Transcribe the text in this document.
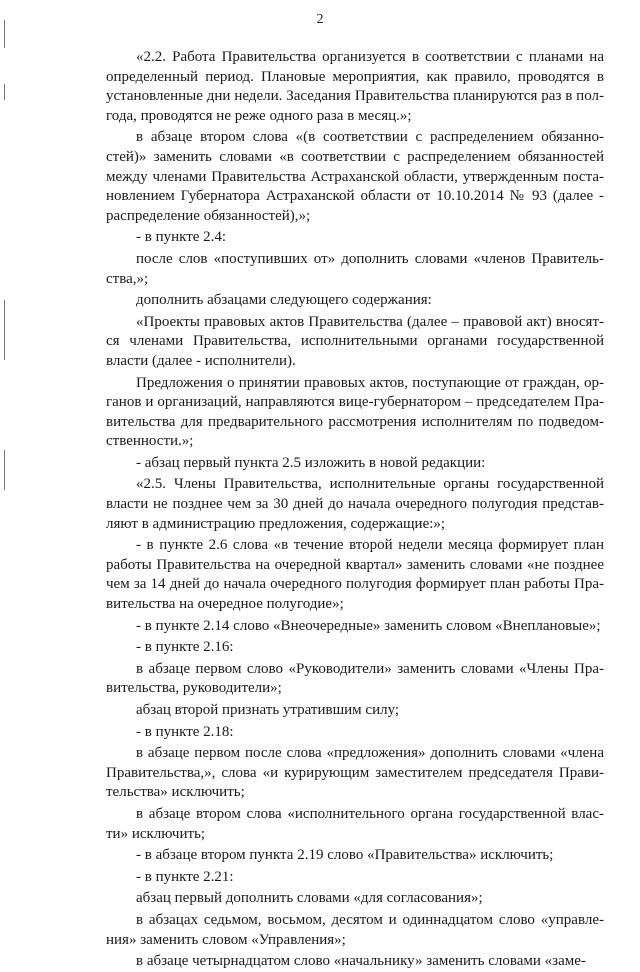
2

«2.2. Работа Правительства организуется в соответствии с планами на определенный период. Плановые мероприятия, как правило, проводятся в установленные дни недели. Заседания Правительства планируются раз в пол-года, проводятся не реже одного раза в месяц.»;

в абзаце втором слова «(в соответствии с распределением обязанно-стей)» заменить словами «в соответствии с распределением обязанностей между членами Правительства Астраханской области, утвержденным поста-новлением Губернатора Астраханской области от 10.10.2014 № 93 (далее - распределение обязанностей),»;

- в пункте 2.4:

после слов «поступивших от» дополнить словами «членов Правитель-ства,»;

дополнить абзацами следующего содержания:

«Проекты правовых актов Правительства (далее – правовой акт) вносят-ся членами Правительства, исполнительными органами государственной власти (далее - исполнители).

Предложения о принятии правовых актов, поступающие от граждан, ор-ганов и организаций, направляются вице-губернатором – председателем Пра-вительства для предварительного рассмотрения исполнителям по подведом-ственности.»;

- абзац первый пункта 2.5 изложить в новой редакции:

«2.5. Члены Правительства, исполнительные органы государственной власти не позднее чем за 30 дней до начала очередного полугодия представ-ляют в администрацию предложения, содержащие:»;

- в пункте 2.6 слова «в течение второй недели месяца формирует план работы Правительства на очередной квартал» заменить словами «не позднее чем за 14 дней до начала очередного полугодия формирует план работы Пра-вительства на очередное полугодие»;

- в пункте 2.14 слово «Внеочередные» заменить словом «Внеплановые»;

- в пункте 2.16:

в абзаце первом слово «Руководители» заменить словами «Члены Пра-вительства, руководители»;

абзац второй признать утратившим силу;

- в пункте 2.18:

в абзаце первом после слова «предложения» дополнить словами «члена Правительства,», слова «и курирующим заместителем председателя Прави-тельства» исключить;

в абзаце втором слова «исполнительного органа государственной влас-ти» исключить;

- в абзаце втором пункта 2.19 слово «Правительства» исключить;

- в пункте 2.21:

абзац первый дополнить словами «для согласования»;

в абзацах седьмом, восьмом, десятом и одиннадцатом слово «управле-ния» заменить словом «Управления»;

в абзаце четырнадцатом слово «начальнику» заменить словами «заме-
